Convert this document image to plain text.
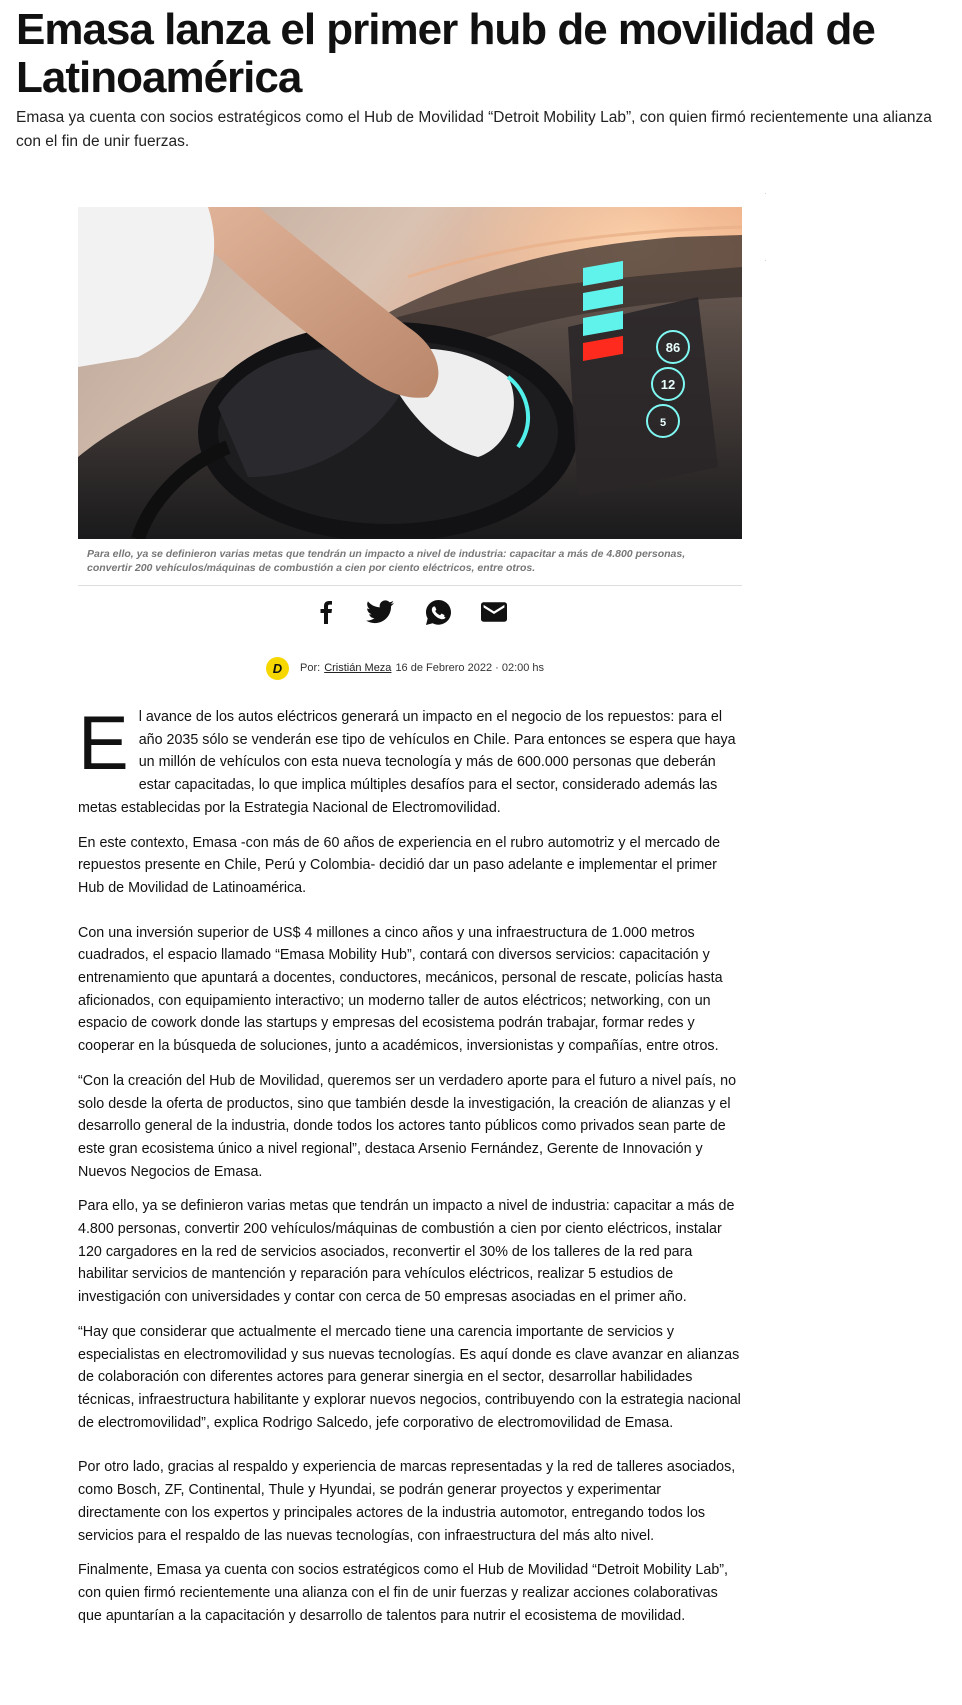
Emasa lanza el primer hub de movilidad de Latinoamérica

Emasa ya cuenta con socios estratégicos como el Hub de Movilidad “Detroit Mobility Lab”, con quien firmó recientemente una alianza con el fin de unir fuerzas.

·
·
86
12
5

Para ello, ya se definieron varias metas que tendrán un impacto a nivel de industria: capacitar a más de 4.800 personas, convertir 200 vehículos/máquinas de combustión a cien por ciento eléctricos, entre otros.

D	Por: Cristián Meza 16 de Febrero 2022 · 02:00 hs

El avance de los autos eléctricos generará un impacto en el negocio de los repuestos: para el año 2035 sólo se venderán ese tipo de vehículos en Chile. Para entonces se espera que haya un millón de vehículos con esta nueva tecnología y más de 600.000 personas que deberán estar capacitadas, lo que implica múltiples desafíos para el sector, considerado además las metas establecidas por la Estrategia Nacional de Electromovilidad.

En este contexto, Emasa -con más de 60 años de experiencia en el rubro automotriz y el mercado de repuestos presente en Chile, Perú y Colombia- decidió dar un paso adelante e implementar el primer Hub de Movilidad de Latinoamérica.

Con una inversión superior de US$ 4 millones a cinco años y una infraestructura de 1.000 metros cuadrados, el espacio llamado “Emasa Mobility Hub”, contará con diversos servicios: capacitación y entrenamiento que apuntará a docentes, conductores, mecánicos, personal de rescate, policías hasta aficionados, con equipamiento interactivo; un moderno taller de autos eléctricos; networking, con un espacio de cowork donde las startups y empresas del ecosistema podrán trabajar, formar redes y cooperar en la búsqueda de soluciones, junto a académicos, inversionistas y compañías, entre otros.

“Con la creación del Hub de Movilidad, queremos ser un verdadero aporte para el futuro a nivel país, no solo desde la oferta de productos, sino que también desde la investigación, la creación de alianzas y el desarrollo general de la industria, donde todos los actores tanto públicos como privados sean parte de este gran ecosistema único a nivel regional”, destaca Arsenio Fernández, Gerente de Innovación y Nuevos Negocios de Emasa.

Para ello, ya se definieron varias metas que tendrán un impacto a nivel de industria: capacitar a más de 4.800 personas, convertir 200 vehículos/máquinas de combustión a cien por ciento eléctricos, instalar 120 cargadores en la red de servicios asociados, reconvertir el 30% de los talleres de la red para habilitar servicios de mantención y reparación para vehículos eléctricos, realizar 5 estudios de investigación con universidades y contar con cerca de 50 empresas asociadas en el primer año.

“Hay que considerar que actualmente el mercado tiene una carencia importante de servicios y especialistas en electromovilidad y sus nuevas tecnologías. Es aquí donde es clave avanzar en alianzas de colaboración con diferentes actores para generar sinergia en el sector, desarrollar habilidades técnicas, infraestructura habilitante y explorar nuevos negocios, contribuyendo con la estrategia nacional de electromovilidad”, explica Rodrigo Salcedo, jefe corporativo de electromovilidad de Emasa.

Por otro lado, gracias al respaldo y experiencia de marcas representadas y la red de talleres asociados, como Bosch, ZF, Continental, Thule y Hyundai, se podrán generar proyectos y experimentar directamente con los expertos y principales actores de la industria automotor, entregando todos los servicios para el respaldo de las nuevas tecnologías, con infraestructura del más alto nivel.

Finalmente, Emasa ya cuenta con socios estratégicos como el Hub de Movilidad “Detroit Mobility Lab”, con quien firmó recientemente una alianza con el fin de unir fuerzas y realizar acciones colaborativas que apuntarían a la capacitación y desarrollo de talentos para nutrir el ecosistema de movilidad.
